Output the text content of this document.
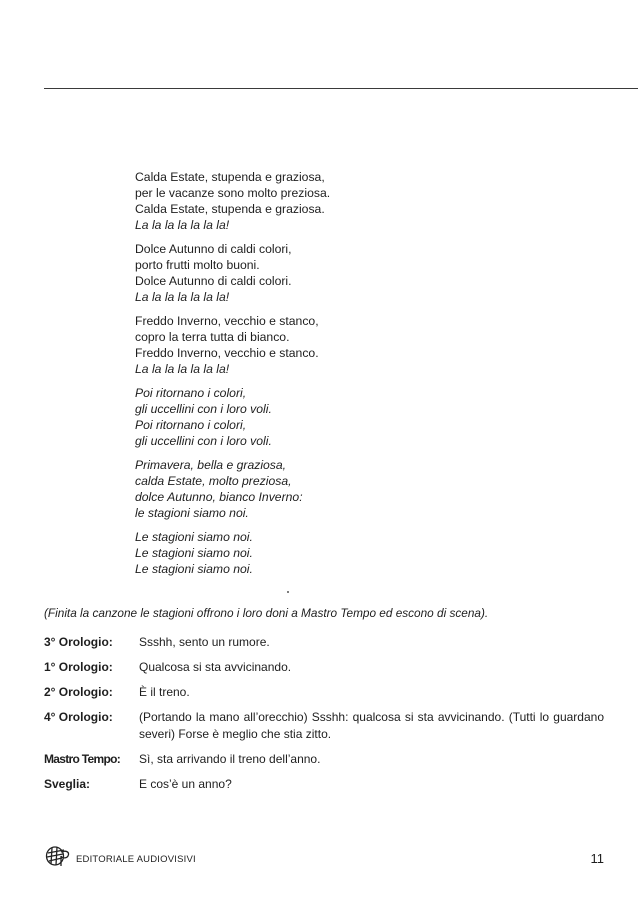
Calda Estate, stupenda e graziosa,
per le vacanze sono molto preziosa.
Calda Estate, stupenda e graziosa.
La la la la la la la!
Dolce Autunno di caldi colori,
porto frutti molto buoni.
Dolce Autunno di caldi colori.
La la la la la la la!
Freddo Inverno, vecchio e stanco,
copro la terra tutta di bianco.
Freddo Inverno, vecchio e stanco.
La la la la la la la!
Poi ritornano i colori,
gli uccellini con i loro voli.
Poi ritornano i colori,
gli uccellini con i loro voli.
Primavera, bella e graziosa,
calda Estate, molto preziosa,
dolce Autunno, bianco Inverno:
le stagioni siamo noi.
Le stagioni siamo noi.
Le stagioni siamo noi.
Le stagioni siamo noi.
(Finita la canzone le stagioni offrono i loro doni a Mastro Tempo ed escono di scena).
3° Orologio:	Ssshh, sento un rumore.
1° Orologio:	Qualcosa si sta avvicinando.
2° Orologio:	È il treno.
4° Orologio:	(Portando la mano all’orecchio) Ssshh: qualcosa si sta avvicinando. (Tutti lo guardano severi) Forse è meglio che stia zitto.
Mastro Tempo:	Sì, sta arrivando il treno dell’anno.
Sveglia:	E cos’è un anno?
EDITORIALE AUDIOVISIVI	11
